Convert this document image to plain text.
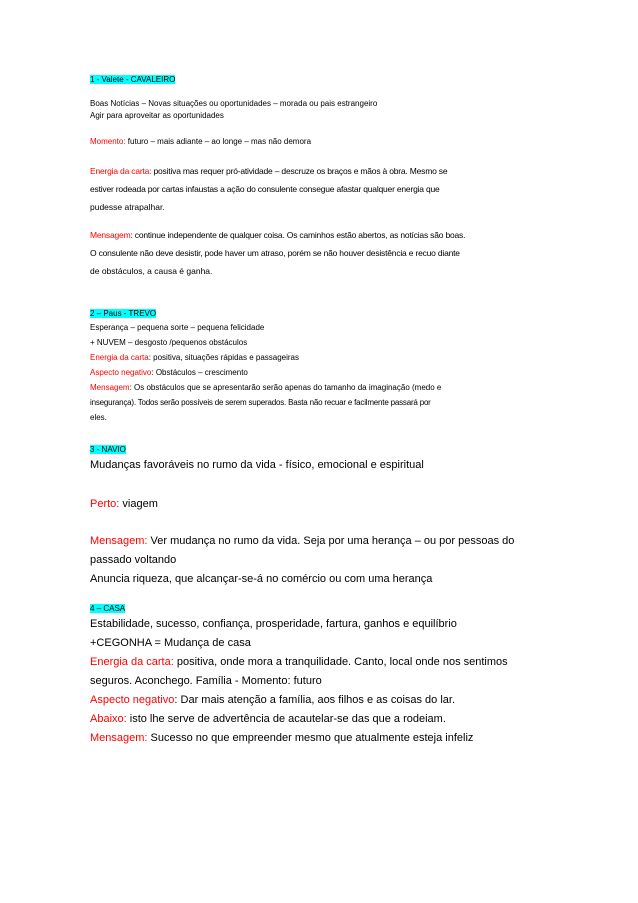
1 - Valete - CAVALEIRO

Boas Notícias – Novas situações ou oportunidades – morada ou pais estrangeiro

Agir para aproveitar as oportunidades

Momento: futuro – mais adiante – ao longe – mas não demora

Energia da carta: positiva mas requer pró-atividade – descruze os braços e mãos à obra. Mesmo se

estiver rodeada por cartas infaustas a ação do consulente consegue afastar qualquer energia que

pudesse atrapalhar.

Mensagem: continue independente de qualquer coisa. Os caminhos estão abertos, as notícias são boas.

O consulente não deve desistir, pode haver um atraso, porém se não houver desistência e recuo diante

de obstáculos, a causa é ganha.

2 – Paus - TREVO

Esperança – pequena sorte – pequena felicidade

+ NUVEM – desgosto /pequenos obstáculos

Energia da carta: positiva, situações rápidas e passageiras

Aspecto negativo: Obstáculos – crescimento

Mensagem: Os obstáculos que se apresentarão serão apenas do tamanho da imaginação (medo e

insegurança). Todos serão possíveis de serem superados. Basta não recuar e facilmente passará por

eles.

3 - NAVIO

Mudanças favoráveis no rumo da vida - físico, emocional e espiritual

Perto: viagem

Mensagem: Ver mudança no rumo da vida. Seja por uma herança – ou por pessoas do

passado voltando

Anuncia riqueza, que alcançar-se-á no comércio ou com uma herança

4 – CASA

Estabilidade, sucesso, confiança, prosperidade, fartura, ganhos e equilíbrio

+CEGONHA = Mudança de casa

Energia da carta: positiva, onde mora a tranquilidade. Canto, local onde nos sentimos

seguros. Aconchego. Família - Momento: futuro

Aspecto negativo: Dar mais atenção a família, aos filhos e as coisas do lar.

Abaixo: isto lhe serve de advertência de acautelar-se das que a rodeiam.

Mensagem: Sucesso no que empreender mesmo que atualmente esteja infeliz
